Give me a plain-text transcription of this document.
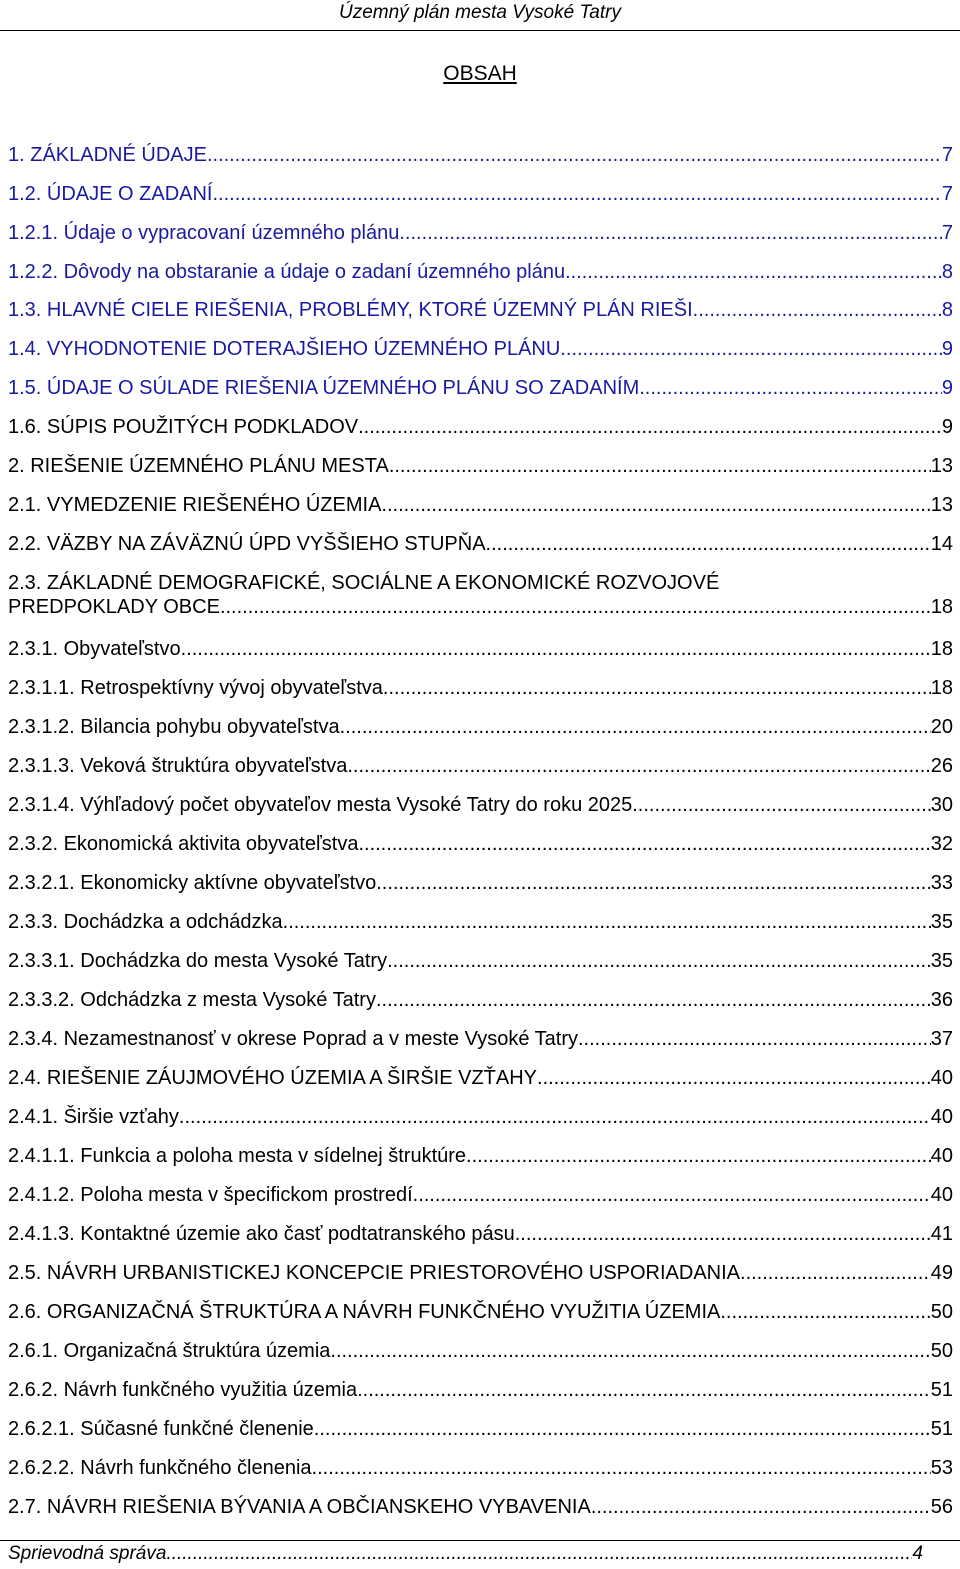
Územný plán mesta Vysoké Tatry
OBSAH
1. ZÁKLADNÉ ÚDAJE .....	7
1.2. ÚDAJE O ZADANÍ .....	7
1.2.1. Údaje o vypracovaní územného plánu .....	7
1.2.2. Dôvody na obstaranie a údaje o zadaní územného plánu .....	8
1.3. HLAVNÉ CIELE RIEŠENIA, PROBLÉMY, KTORÉ ÚZEMNÝ PLÁN RIEŠI .....	8
1.4. VYHODNOTENIE DOTERAJŠIEHO ÚZEMNÉHO PLÁNU .....	9
1.5. ÚDAJE O SÚLADE RIEŠENIA ÚZEMNÉHO PLÁNU SO ZADANÍM .....	9
1.6. SÚPIS POUŽITÝCH PODKLADOV .....	9
2. RIEŠENIE ÚZEMNÉHO PLÁNU MESTA .....	13
2.1. VYMEDZENIE RIEŠENÉHO ÚZEMIA .....	13
2.2. VÄZBY NA ZÁVÄZNÚ ÚPD VYŠŠIEHO STUPŇA .....	14
2.3. ZÁKLADNÉ DEMOGRAFICKÉ, SOCIÁLNE A EKONOMICKÉ ROZVOJOVÉ
PREDPOKLADY OBCE .....	18
2.3.1. Obyvateľstvo .....	18
2.3.1.1. Retrospektívny vývoj obyvateľstva .....	18
2.3.1.2. Bilancia pohybu obyvateľstva .....	20
2.3.1.3. Veková štruktúra obyvateľstva .....	26
2.3.1.4. Výhľadový počet obyvateľov mesta Vysoké Tatry do roku 2025 .....	30
2.3.2. Ekonomická aktivita obyvateľstva .....	32
2.3.2.1. Ekonomicky aktívne obyvateľstvo .....	33
2.3.3. Dochádzka a odchádzka .....	35
2.3.3.1. Dochádzka do mesta Vysoké Tatry .....	35
2.3.3.2. Odchádzka z mesta Vysoké Tatry .....	36
2.3.4. Nezamestnanosť v okrese Poprad a v meste Vysoké Tatry .....	37
2.4. RIEŠENIE ZÁUJMOVÉHO ÚZEMIA A ŠIRŠIE VZŤAHY .....	40
2.4.1. Širšie vzťahy .....	40
2.4.1.1. Funkcia a poloha mesta v sídelnej štruktúre .....	40
2.4.1.2. Poloha mesta v špecifickom prostredí .....	40
2.4.1.3. Kontaktné územie ako časť podtatranského pásu .....	41
2.5. NÁVRH URBANISTICKEJ KONCEPCIE PRIESTOROVÉHO USPORIADANIA .....	49
2.6. ORGANIZAČNÁ ŠTRUKTÚRA A NÁVRH FUNKČNÉHO VYUŽITIA ÚZEMIA .....	50
2.6.1. Organizačná štruktúra územia .....	50
2.6.2. Návrh funkčného využitia územia .....	51
2.6.2.1. Súčasné funkčné členenie .....	51
2.6.2.2. Návrh funkčného členenia .....	53
2.7. NÁVRH RIEŠENIA BÝVANIA A OBČIANSKEHO VYBAVENIA .....	56
Sprievodná správa .....	4
